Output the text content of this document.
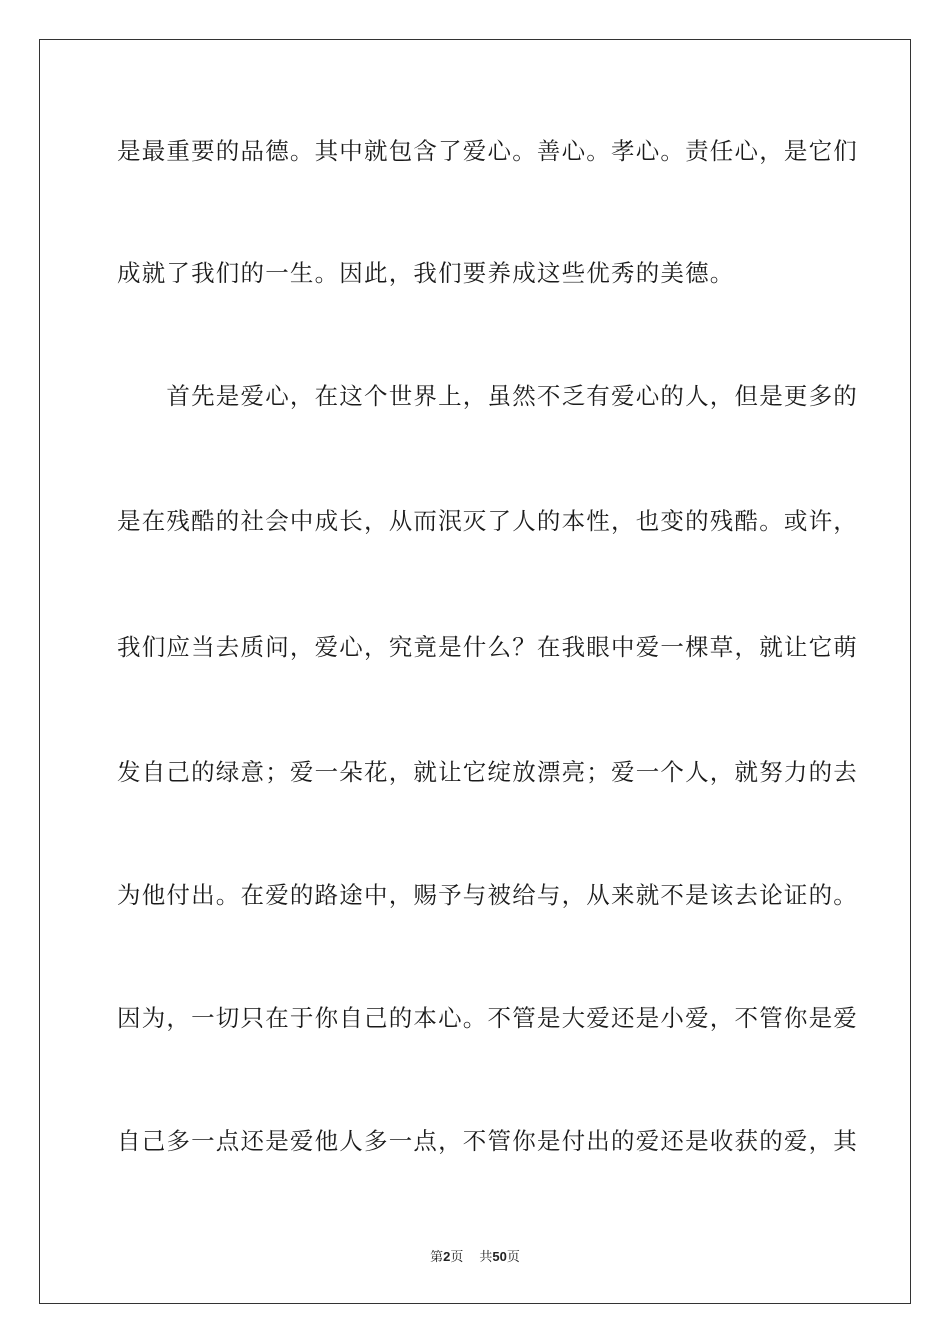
是最重要的品德。其中就包含了爱心。善心。孝心。责任心，是它们
成就了我们的一生。因此，我们要养成这些优秀的美德。
　　首先是爱心，在这个世界上，虽然不乏有爱心的人，但是更多的
是在残酷的社会中成长，从而泯灭了人的本性，也变的残酷。或许，
我们应当去质问，爱心，究竟是什么？在我眼中爱一棵草，就让它萌
发自己的绿意；爱一朵花，就让它绽放漂亮；爱一个人，就努力的去
为他付出。在爱的路途中，赐予与被给与，从来就不是该去论证的。
因为，一切只在于你自己的本心。不管是大爱还是小爱，不管你是爱
自己多一点还是爱他人多一点，不管你是付出的爱还是收获的爱，其
第2页 共50页
